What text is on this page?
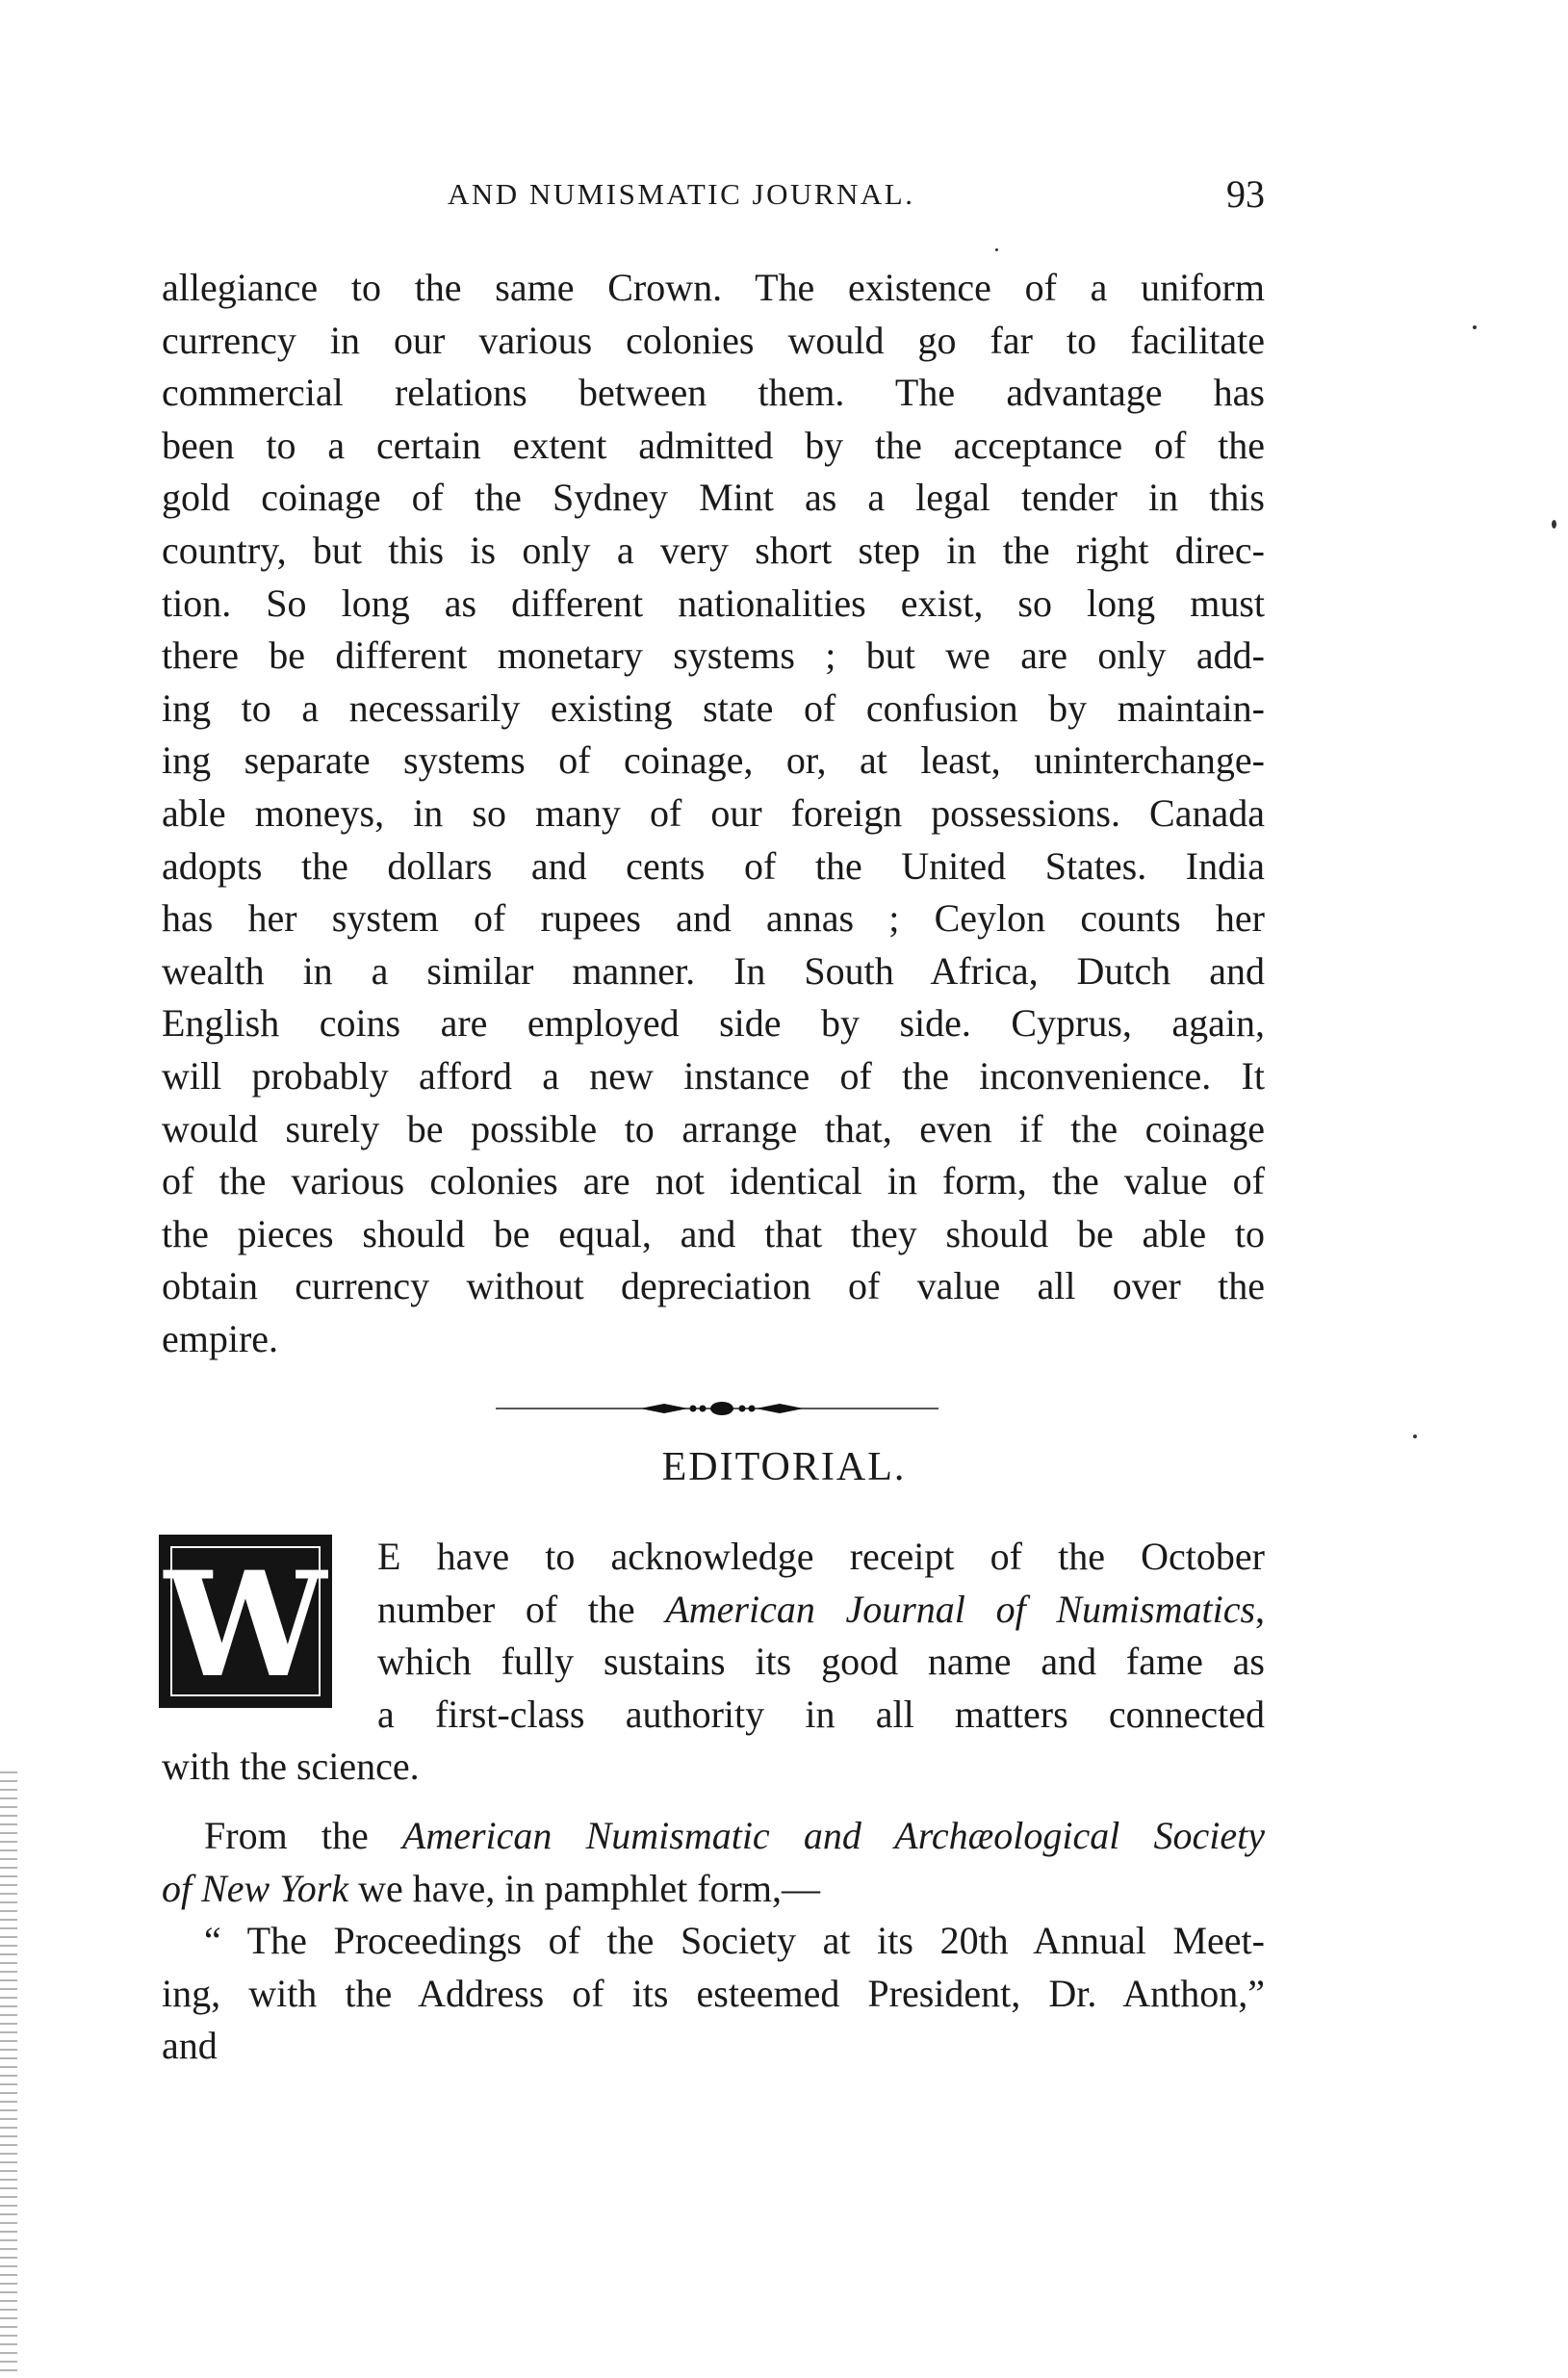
AND NUMISMATIC JOURNAL.	93
allegiance to the same Crown. The existence of a uniform
currency in our various colonies would go far to facilitate
commercial relations between them. The advantage has
been to a certain extent admitted by the acceptance of the
gold coinage of the Sydney Mint as a legal tender in this
country, but this is only a very short step in the right direc-
tion. So long as different nationalities exist, so long must
there be different monetary systems ; but we are only add-
ing to a necessarily existing state of confusion by maintain-
ing separate systems of coinage, or, at least, uninterchange-
able moneys, in so many of our foreign possessions. Canada
adopts the dollars and cents of the United States. India
has her system of rupees and annas ; Ceylon counts her
wealth in a similar manner. In South Africa, Dutch and
English coins are employed side by side. Cyprus, again,
will probably afford a new instance of the inconvenience. It
would surely be possible to arrange that, even if the coinage
of the various colonies are not identical in form, the value of
the pieces should be equal, and that they should be able to
obtain currency without depreciation of value all over the
empire.
EDITORIAL.
W E have to acknowledge receipt of the October
number of the American Journal of Numismatics,
which fully sustains its good name and fame as
a first-class authority in all matters connected
with the science.
From the American Numismatic and Archæological Society
of New York we have, in pamphlet form,—
“ The Proceedings of the Society at its 20th Annual Meet-
ing, with the Address of its esteemed President, Dr. Anthon,”
and
